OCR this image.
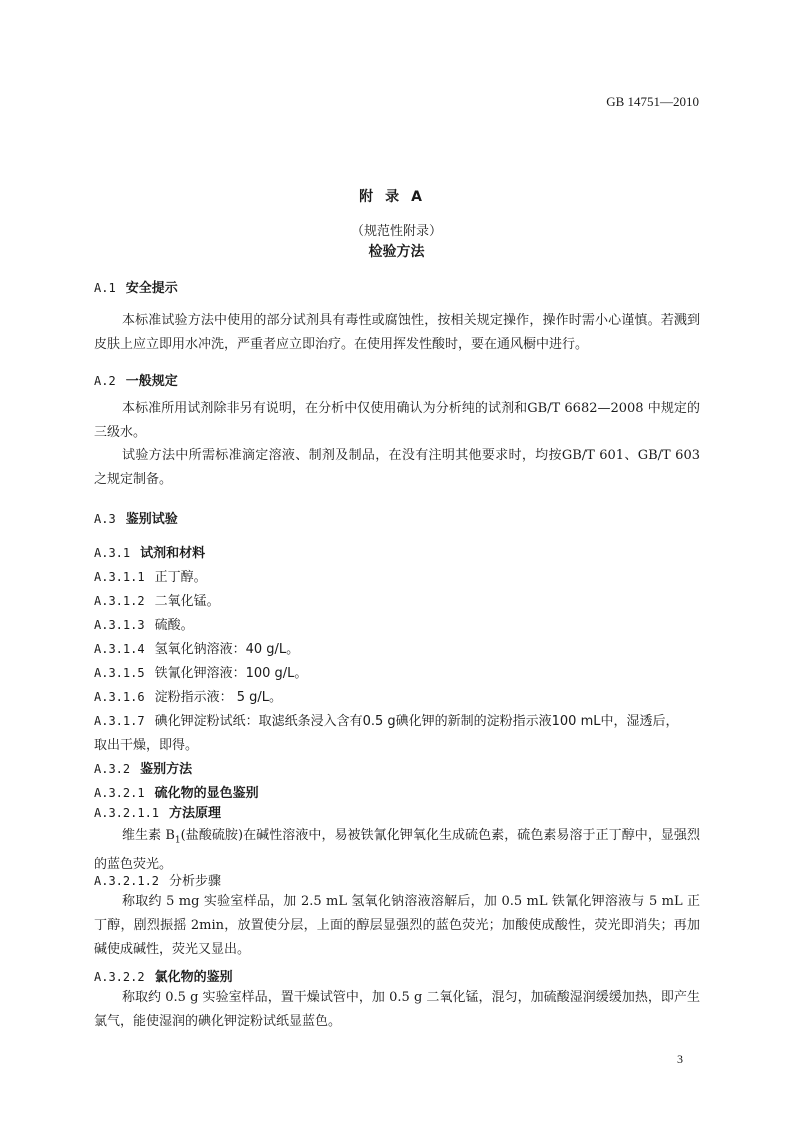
GB 14751—2010
附录A
（规范性附录）
检验方法
A.1 安全提示
本标准试验方法中使用的部分试剂具有毒性或腐蚀性，按相关规定操作，操作时需小心谨慎。若溅到皮肤上应立即用水冲洗，严重者应立即治疗。在使用挥发性酸时，要在通风橱中进行。
A.2 一般规定
本标准所用试剂除非另有说明，在分析中仅使用确认为分析纯的试剂和GB/T 6682—2008 中规定的三级水。
试验方法中所需标准滴定溶液、制剂及制品，在没有注明其他要求时，均按GB/T 601、GB/T 603之规定制备。
A.3 鉴别试验
A.3.1 试剂和材料
A.3.1.1 正丁醇。
A.3.1.2 二氧化锰。
A.3.1.3 硫酸。
A.3.1.4 氢氧化钠溶液：40 g/L。
A.3.1.5 铁氰化钾溶液：100 g/L。
A.3.1.6 淀粉指示液： 5 g/L。
A.3.1.7 碘化钾淀粉试纸：取滤纸条浸入含有0.5 g碘化钾的新制的淀粉指示液100 mL中，湿透后，
取出干燥，即得。
A.3.2 鉴别方法
A.3.2.1 硫化物的显色鉴别
A.3.2.1.1 方法原理
维生素 $B_1$(盐酸硫胺)在碱性溶液中，易被铁氰化钾氧化生成硫色素，硫色素易溶于正丁醇中，显强烈的蓝色荧光。
A.3.2.1.2 分析步骤
称取约 5 mg 实验室样品，加 2.5 mL 氢氧化钠溶液溶解后，加 0.5 mL 铁氰化钾溶液与 5 mL 正丁醇，剧烈振摇 2min，放置使分层，上面的醇层显强烈的蓝色荧光；加酸使成酸性，荧光即消失；再加碱使成碱性，荧光又显出。
A.3.2.2 氯化物的鉴别
称取约 0.5 g 实验室样品，置干燥试管中，加 0.5 g 二氧化锰，混匀，加硫酸湿润缓缓加热，即产生氯气，能使湿润的碘化钾淀粉试纸显蓝色。
3
